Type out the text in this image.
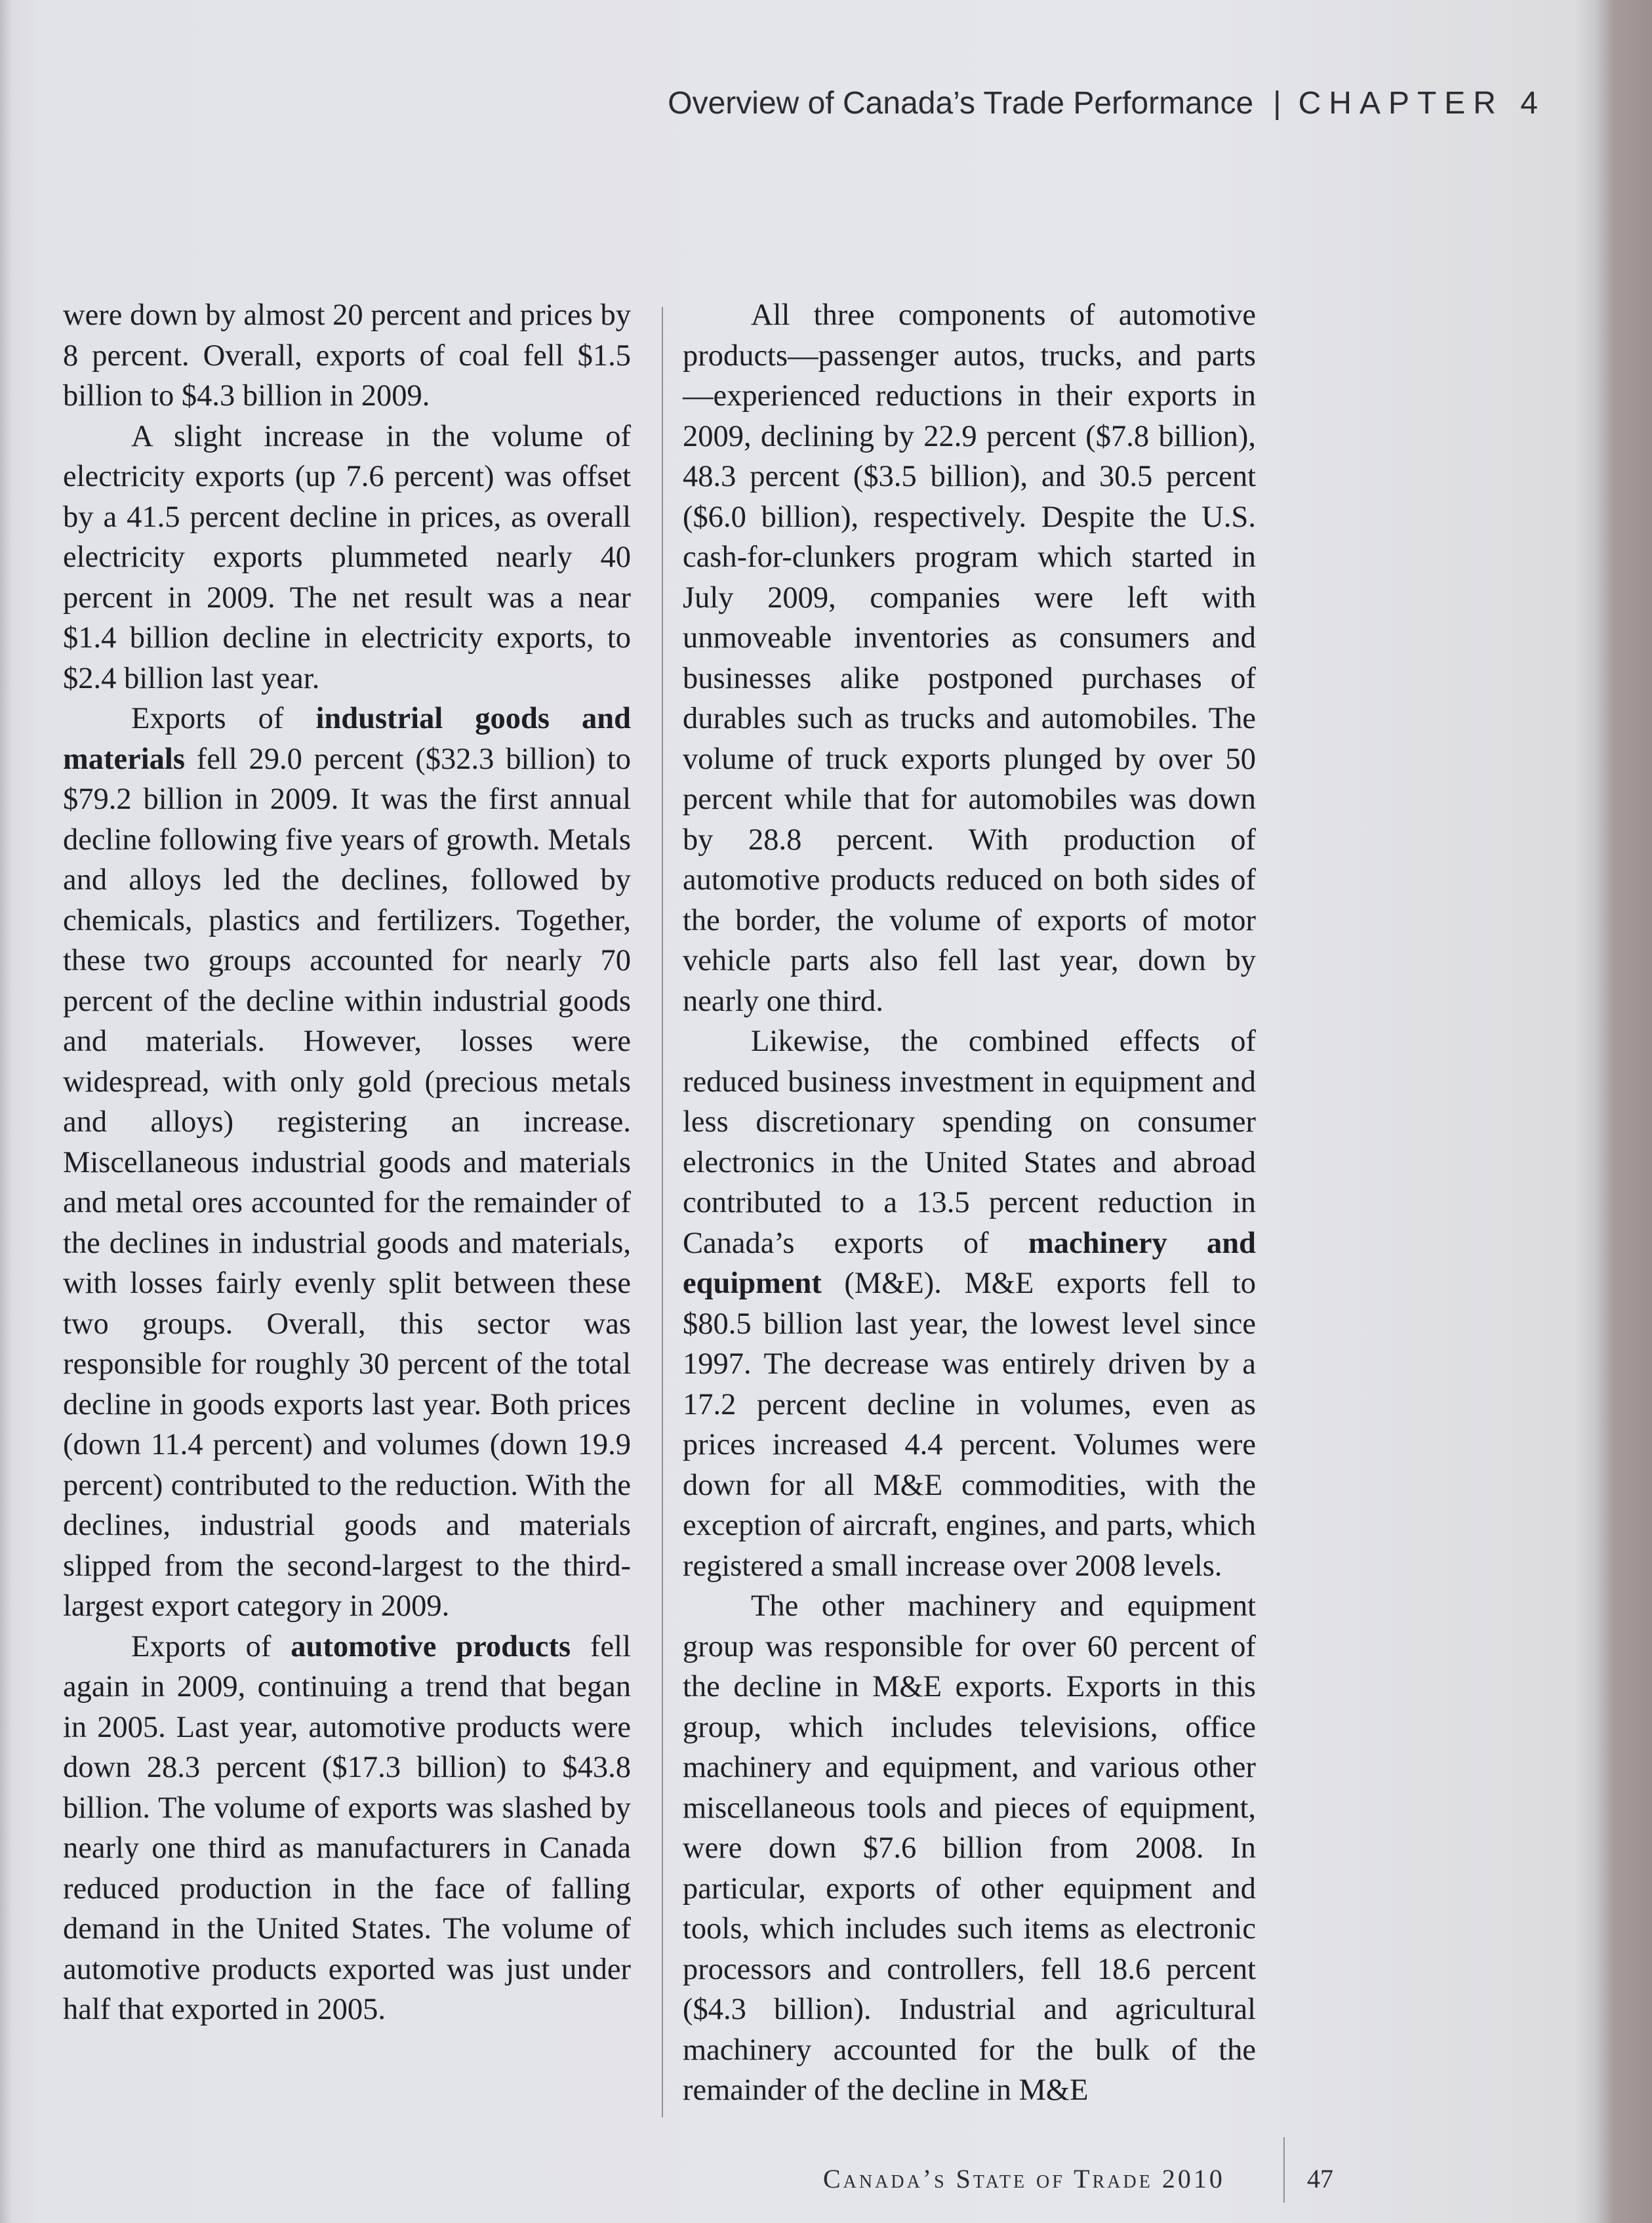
Overview of Canada’s Trade Performance | CHAPTER 4

were down by almost 20 percent and prices by 8 percent. Overall, exports of coal fell $1.5 billion to $4.3 billion in 2009.

A slight increase in the volume of electricity exports (up 7.6 percent) was offset by a 41.5 percent decline in prices, as overall electricity exports plummeted nearly 40 percent in 2009. The net result was a near $1.4 billion decline in electricity exports, to $2.4 billion last year.

Exports of industrial goods and materials fell 29.0 percent ($32.3 billion) to $79.2 billion in 2009. It was the first annual decline following five years of growth. Metals and alloys led the declines, followed by chemicals, plastics and fertilizers. Together, these two groups accounted for nearly 70 percent of the decline within industrial goods and materials. However, losses were widespread, with only gold (precious metals and alloys) registering an increase. Miscellaneous industrial goods and materials and metal ores accounted for the remainder of the declines in industrial goods and materials, with losses fairly evenly split between these two groups. Overall, this sector was responsible for roughly 30 percent of the total decline in goods exports last year. Both prices (down 11.4 percent) and volumes (down 19.9 percent) contributed to the reduction. With the declines, industrial goods and materials slipped from the second-largest to the third-largest export category in 2009.

Exports of automotive products fell again in 2009, continuing a trend that began in 2005. Last year, automotive products were down 28.3 percent ($17.3 billion) to $43.8 billion. The volume of exports was slashed by nearly one third as manufacturers in Canada reduced production in the face of falling demand in the United States. The volume of automotive products exported was just under half that exported in 2005.

All three components of automotive products—passenger autos, trucks, and parts—experienced reductions in their exports in 2009, declining by 22.9 percent ($7.8 billion), 48.3 percent ($3.5 billion), and 30.5 percent ($6.0 billion), respectively. Despite the U.S. cash-for-clunkers program which started in July 2009, companies were left with unmoveable inventories as consumers and businesses alike postponed purchases of durables such as trucks and automobiles. The volume of truck exports plunged by over 50 percent while that for automobiles was down by 28.8 percent. With production of automotive products reduced on both sides of the border, the volume of exports of motor vehicle parts also fell last year, down by nearly one third.

Likewise, the combined effects of reduced business investment in equipment and less discretionary spending on consumer electronics in the United States and abroad contributed to a 13.5 percent reduction in Canada’s exports of machinery and equipment (M&E). M&E exports fell to $80.5 billion last year, the lowest level since 1997. The decrease was entirely driven by a 17.2 percent decline in volumes, even as prices increased 4.4 percent. Volumes were down for all M&E commodities, with the exception of aircraft, engines, and parts, which registered a small increase over 2008 levels.

The other machinery and equipment group was responsible for over 60 percent of the decline in M&E exports. Exports in this group, which includes televisions, office machinery and equipment, and various other miscellaneous tools and pieces of equipment, were down $7.6 billion from 2008. In particular, exports of other equipment and tools, which includes such items as electronic processors and controllers, fell 18.6 percent ($4.3 billion). Industrial and agricultural machinery accounted for the bulk of the remainder of the decline in M&E

Canada’s State of Trade 2010	47
